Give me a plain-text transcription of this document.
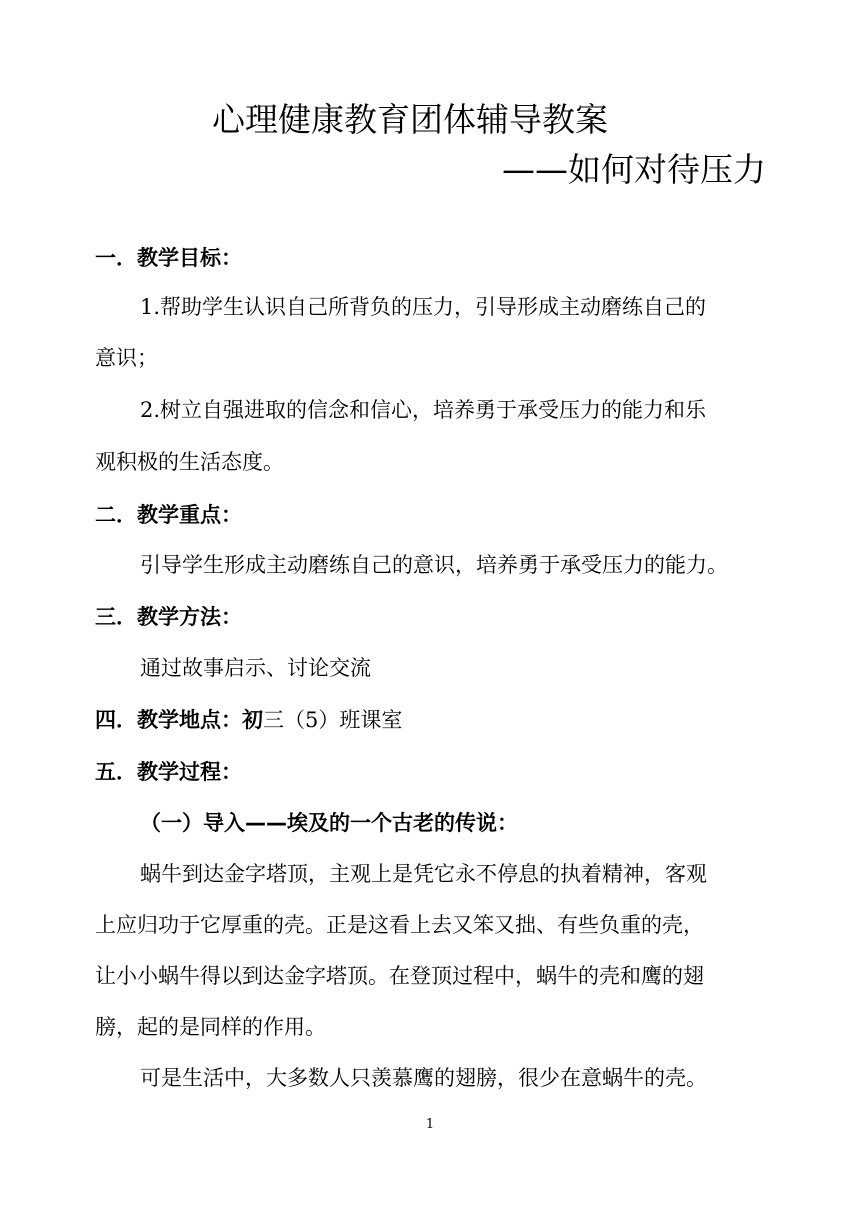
心理健康教育团体辅导教案
——如何对待压力
一．教学目标：
1.帮助学生认识自己所背负的压力，引导形成主动磨练自己的
意识；
2.树立自强进取的信念和信心，培养勇于承受压力的能力和乐
观积极的生活态度。
二．教学重点：
引导学生形成主动磨练自己的意识，培养勇于承受压力的能力。
三．教学方法：
通过故事启示、讨论交流
四．教学地点：初三（5）班课室
五．教学过程：
（一）导入——埃及的一个古老的传说：
蜗牛到达金字塔顶，主观上是凭它永不停息的执着精神，客观
上应归功于它厚重的壳。正是这看上去又笨又拙、有些负重的壳，
让小小蜗牛得以到达金字塔顶。在登顶过程中，蜗牛的壳和鹰的翅
膀，起的是同样的作用。
可是生活中，大多数人只羡慕鹰的翅膀，很少在意蜗牛的壳。
1
